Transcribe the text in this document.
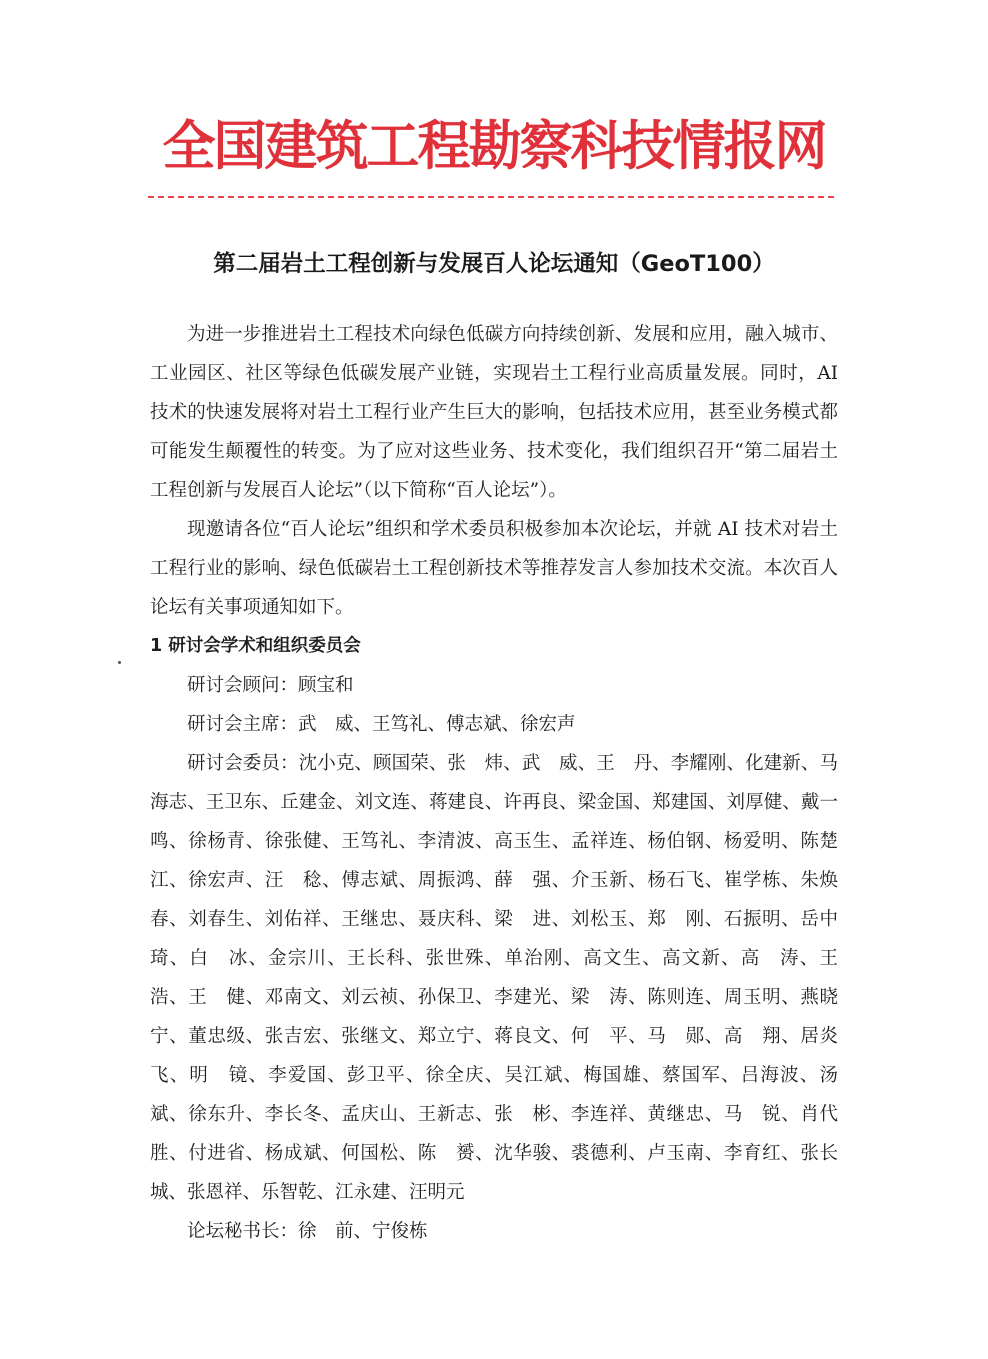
全国建筑工程勘察科技情报网
第二届岩土工程创新与发展百人论坛通知（GeoT100）

为进一步推进岩土工程技术向绿色低碳方向持续创新、发展和应用，融入城市、工业园区、社区等绿色低碳发展产业链，实现岩土工程行业高质量发展。同时，AI 技术的快速发展将对岩土工程行业产生巨大的影响，包括技术应用，甚至业务模式都可能发生颠覆性的转变。为了应对这些业务、技术变化，我们组织召开“第二届岩土工程创新与发展百人论坛”（以下简称“百人论坛”）。

现邀请各位“百人论坛”组织和学术委员积极参加本次论坛，并就 AI 技术对岩土工程行业的影响、绿色低碳岩土工程创新技术等推荐发言人参加技术交流。本次百人论坛有关事项通知如下。

1 研讨会学术和组织委员会

研讨会顾问：顾宝和

研讨会主席：武　威、王笃礼、傅志斌、徐宏声

研讨会委员：沈小克、顾国荣、张　炜、武　威、王　丹、李耀刚、化建新、马海志、王卫东、丘建金、刘文连、蒋建良、许再良、梁金国、郑建国、刘厚健、戴一鸣、徐杨青、徐张健、王笃礼、李清波、高玉生、孟祥连、杨伯钢、杨爱明、陈楚江、徐宏声、汪　稔、傅志斌、周振鸿、薛　强、介玉新、杨石飞、崔学栋、朱焕春、刘春生、刘佑祥、王继忠、聂庆科、梁　进、刘松玉、郑　刚、石振明、岳中琦、白　冰、金宗川、王长科、张世殊、单治刚、高文生、高文新、高　涛、王　浩、王　健、邓南文、刘云祯、孙保卫、李建光、梁　涛、陈则连、周玉明、燕晓宁、董忠级、张吉宏、张继文、郑立宁、蒋良文、何　平、马　郧、高　翔、居炎飞、明　镜、李爱国、彭卫平、徐全庆、吴江斌、梅国雄、蔡国军、吕海波、汤　斌、徐东升、李长冬、孟庆山、王新志、张　彬、李连祥、黄继忠、马　锐、肖代胜、付进省、杨成斌、何国松、陈　赟、沈华骏、裘德利、卢玉南、李育红、张长城、张恩祥、乐智乾、江永建、汪明元

论坛秘书长：徐　前、宁俊栋
